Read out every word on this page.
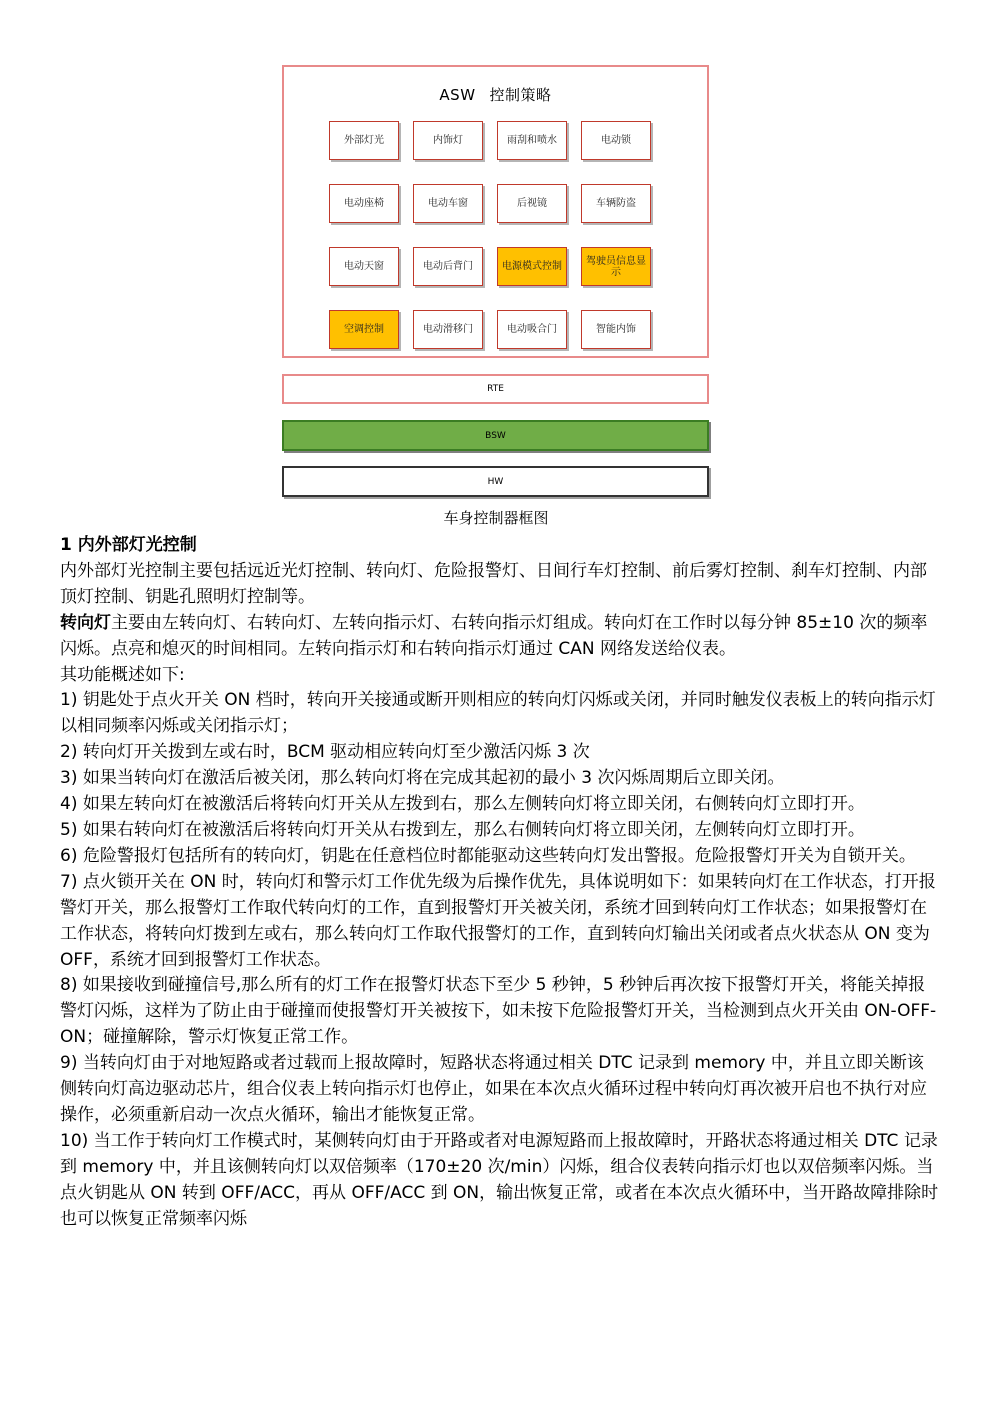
ASW 控制策略
外部灯光	内饰灯	雨刮和喷水	电动锁
电动座椅	电动车窗	后视镜	车辆防盗
电动天窗	电动后背门	电源模式控制	驾驶员信息显示
空调控制	电动滑移门	电动吸合门	智能内饰
RTE
BSW
HW
车身控制器框图

1 内外部灯光控制

内外部灯光控制主要包括远近光灯控制、转向灯、危险报警灯、日间行车灯控制、前后雾灯控制、刹车灯控制、内部顶灯控制、钥匙孔照明灯控制等。

转向灯主要由左转向灯、右转向灯、左转向指示灯、右转向指示灯组成。转向灯在工作时以每分钟 85±10 次的频率闪烁。点亮和熄灭的时间相同。左转向指示灯和右转向指示灯通过 CAN 网络发送给仪表。

其功能概述如下:

1) 钥匙处于点火开关 ON 档时，转向开关接通或断开则相应的转向灯闪烁或关闭，并同时触发仪表板上的转向指示灯以相同频率闪烁或关闭指示灯；

2) 转向灯开关拨到左或右时，BCM 驱动相应转向灯至少激活闪烁 3 次

3) 如果当转向灯在激活后被关闭，那么转向灯将在完成其起初的最小 3 次闪烁周期后立即关闭。

4) 如果左转向灯在被激活后将转向灯开关从左拨到右，那么左侧转向灯将立即关闭，右侧转向灯立即打开。

5) 如果右转向灯在被激活后将转向灯开关从右拨到左，那么右侧转向灯将立即关闭，左侧转向灯立即打开。

6) 危险警报灯包括所有的转向灯，钥匙在任意档位时都能驱动这些转向灯发出警报。危险报警灯开关为自锁开关。

7) 点火锁开关在 ON 时，转向灯和警示灯工作优先级为后操作优先，具体说明如下：如果转向灯在工作状态，打开报警灯开关，那么报警灯工作取代转向灯的工作，直到报警灯开关被关闭，系统才回到转向灯工作状态；如果报警灯在工作状态，将转向灯拨到左或右，那么转向灯工作取代报警灯的工作，直到转向灯输出关闭或者点火状态从 ON 变为 OFF，系统才回到报警灯工作状态。

8) 如果接收到碰撞信号,那么所有的灯工作在报警灯状态下至少 5 秒钟，5 秒钟后再次按下报警灯开关，将能关掉报警灯闪烁，这样为了防止由于碰撞而使报警灯开关被按下，如未按下危险报警灯开关，当检测到点火开关由 ON-OFF-ON；碰撞解除，警示灯恢复正常工作。

9) 当转向灯由于对地短路或者过载而上报故障时，短路状态将通过相关 DTC 记录到 memory 中，并且立即关断该侧转向灯高边驱动芯片，组合仪表上转向指示灯也停止，如果在本次点火循环过程中转向灯再次被开启也不执行对应操作，必须重新启动一次点火循环，输出才能恢复正常。

10) 当工作于转向灯工作模式时，某侧转向灯由于开路或者对电源短路而上报故障时，开路状态将通过相关 DTC 记录到 memory 中，并且该侧转向灯以双倍频率（170±20 次/min）闪烁，组合仪表转向指示灯也以双倍频率闪烁。当点火钥匙从 ON 转到 OFF/ACC，再从 OFF/ACC 到 ON，输出恢复正常，或者在本次点火循环中，当开路故障排除时也可以恢复正常频率闪烁
